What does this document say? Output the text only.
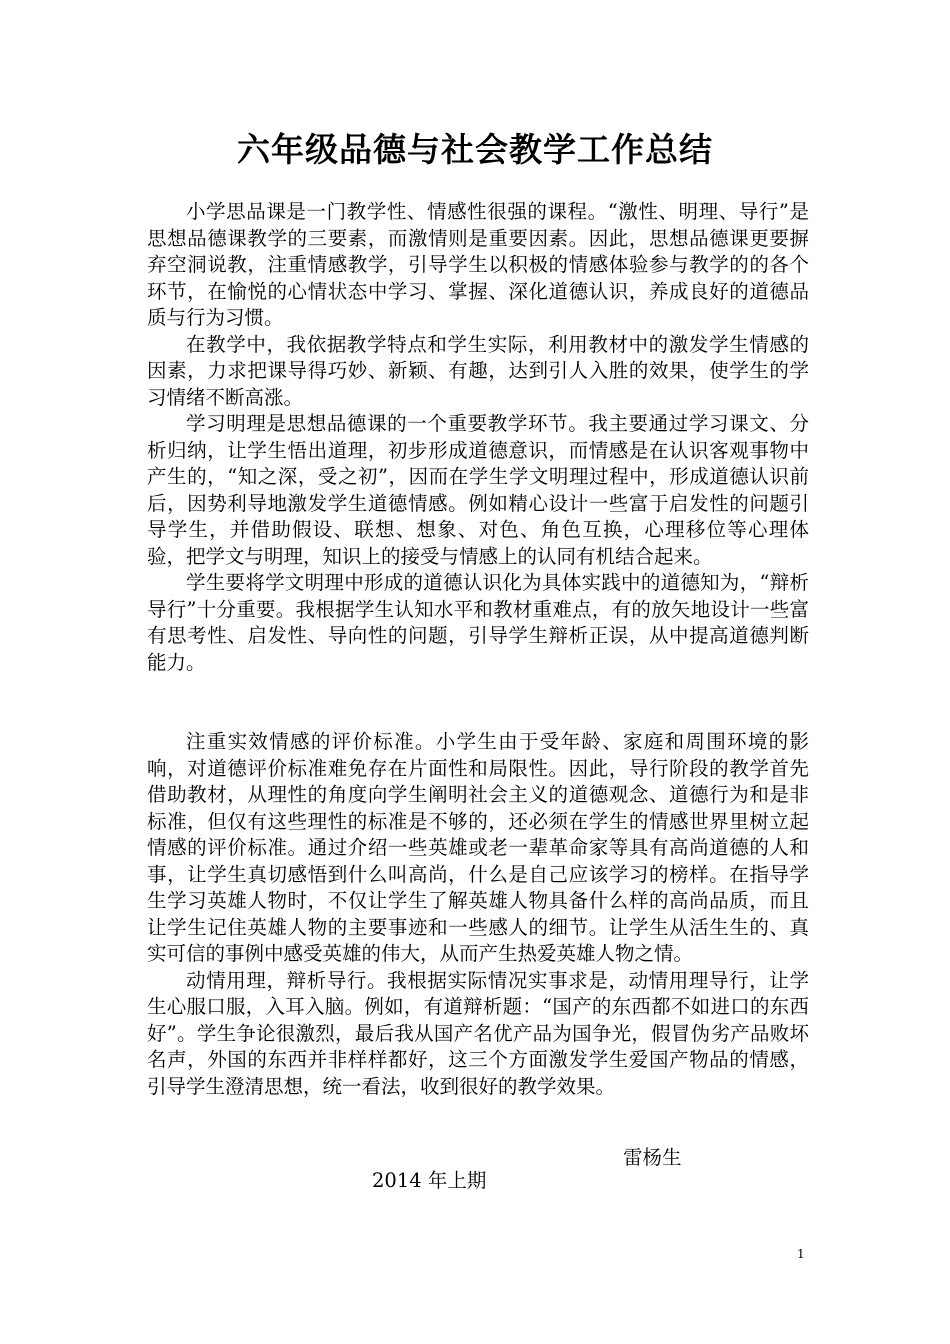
六年级品德与社会教学工作总结

小学思品课是一门教学性、情感性很强的课程。“激性、明理、导行”是思想品德课教学的三要素，而激情则是重要因素。因此，思想品德课更要摒弃空洞说教，注重情感教学，引导学生以积极的情感体验参与教学的的各个环节，在愉悦的心情状态中学习、掌握、深化道德认识，养成良好的道德品质与行为习惯。

在教学中，我依据教学特点和学生实际，利用教材中的激发学生情感的因素，力求把课导得巧妙、新颖、有趣，达到引人入胜的效果，使学生的学习情绪不断高涨。

学习明理是思想品德课的一个重要教学环节。我主要通过学习课文、分析归纳，让学生悟出道理，初步形成道德意识，而情感是在认识客观事物中产生的，“知之深，受之初”，因而在学生学文明理过程中，形成道德认识前后，因势利导地激发学生道德情感。例如精心设计一些富于启发性的问题引导学生，并借助假设、联想、想象、对色、角色互换，心理移位等心理体验，把学文与明理，知识上的接受与情感上的认同有机结合起来。

学生要将学文明理中形成的道德认识化为具体实践中的道德知为，“辩析导行”十分重要。我根据学生认知水平和教材重难点，有的放矢地设计一些富有思考性、启发性、导向性的问题，引导学生辩析正误，从中提高道德判断能力。

注重实效情感的评价标准。小学生由于受年龄、家庭和周围环境的影响，对道德评价标准难免存在片面性和局限性。因此，导行阶段的教学首先借助教材，从理性的角度向学生阐明社会主义的道德观念、道德行为和是非标准，但仅有这些理性的标准是不够的，还必须在学生的情感世界里树立起情感的评价标准。通过介绍一些英雄或老一辈革命家等具有高尚道德的人和事，让学生真切感悟到什么叫高尚，什么是自己应该学习的榜样。在指导学生学习英雄人物时，不仅让学生了解英雄人物具备什么样的高尚品质，而且让学生记住英雄人物的主要事迹和一些感人的细节。让学生从活生生的、真实可信的事例中感受英雄的伟大，从而产生热爱英雄人物之情。

动情用理，辩析导行。我根据实际情况实事求是，动情用理导行，让学生心服口服，入耳入脑。例如，有道辩析题：“国产的东西都不如进口的东西好”。学生争论很激烈，最后我从国产名优产品为国争光，假冒伪劣产品败坏名声，外国的东西并非样样都好，这三个方面激发学生爱国产物品的情感，引导学生澄清思想，统一看法，收到很好的教学效果。

雷杨生
2014 年上期
1
